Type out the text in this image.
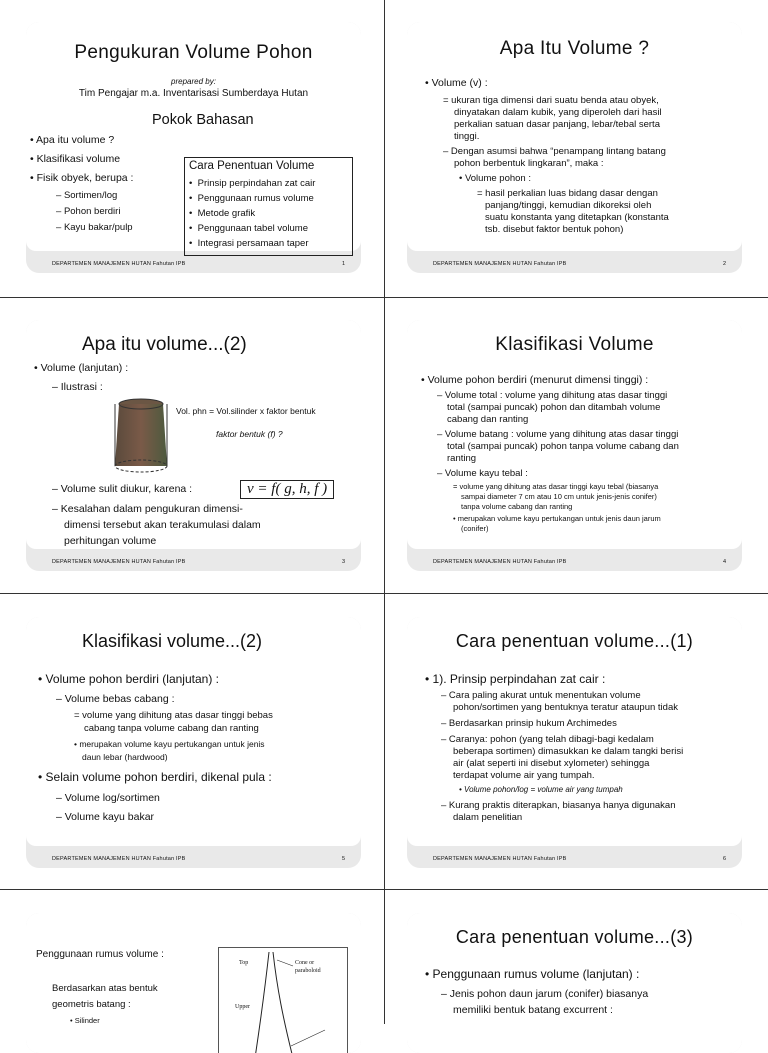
Pengukuran Volume Pohon
prepared by:
Tim Pengajar m.a. Inventarisasi Sumberdaya Hutan
Pokok Bahasan
• Apa itu volume ?
• Klasifikasi volume
• Fisik obyek, berupa :
– Sortimen/log
– Pohon berdiri
– Kayu bakar/pulp
Cara Penentuan Volume
•  Prinsip perpindahan zat cair
•  Penggunaan rumus volume
•  Metode grafik
•  Penggunaan tabel volume
•  Integrasi persamaan taper
DEPARTEMEN MANAJEMEN HUTAN Fahutan IPB	1
Apa Itu Volume ?
• Volume (v) :
= ukuran tiga dimensi dari suatu benda atau obyek,
dinyatakan dalam kubik, yang diperoleh dari hasil
perkalian satuan dasar panjang, lebar/tebal serta
tinggi.
– Dengan asumsi bahwa “penampang lintang batang
pohon berbentuk lingkaran”, maka :
• Volume pohon :
= hasil perkalian luas bidang dasar dengan
panjang/tinggi, kemudian dikoreksi oleh
suatu konstanta yang ditetapkan (konstanta
tsb. disebut faktor bentuk pohon)
DEPARTEMEN MANAJEMEN HUTAN Fahutan IPB	2
Apa itu volume...(2)
• Volume (lanjutan) :
– Ilustrasi :
Vol. phn = Vol.silinder x faktor bentuk
faktor bentuk (f) ?
– Volume sulit diukur, karena :	v = f( g, h, f )
– Kesalahan dalam pengukuran dimensi-
dimensi tersebut akan terakumulasi dalam
perhitungan volume
DEPARTEMEN MANAJEMEN HUTAN Fahutan IPB	3
Klasifikasi Volume
• Volume pohon berdiri (menurut dimensi tinggi) :
– Volume total : volume yang dihitung atas dasar tinggi
total (sampai puncak) pohon dan ditambah volume
cabang dan ranting
– Volume batang : volume yang dihitung atas dasar tinggi
total (sampai puncak) pohon tanpa volume cabang dan
ranting
– Volume kayu tebal :
= volume yang dihitung atas dasar tinggi kayu tebal (biasanya
sampai diameter 7 cm atau 10 cm untuk jenis-jenis conifer)
tanpa volume cabang dan ranting
• merupakan volume kayu pertukangan untuk jenis daun jarum
(conifer)
DEPARTEMEN MANAJEMEN HUTAN Fahutan IPB	4
Klasifikasi volume...(2)
• Volume pohon berdiri (lanjutan) :
– Volume bebas cabang :
= volume yang dihitung atas dasar tinggi bebas
cabang tanpa volume cabang dan ranting
• merupakan volume kayu pertukangan untuk jenis
daun lebar (hardwood)
• Selain volume pohon berdiri, dikenal pula :
– Volume log/sortimen
– Volume kayu bakar
DEPARTEMEN MANAJEMEN HUTAN Fahutan IPB	5
Cara penentuan volume...(1)
• 1). Prinsip perpindahan zat cair :
– Cara paling akurat untuk menentukan volume
pohon/sortimen yang bentuknya teratur ataupun tidak
– Berdasarkan prinsip hukum Archimedes
– Caranya: pohon (yang telah dibagi-bagi kedalam
beberapa sortimen) dimasukkan ke dalam tangki berisi
air (alat seperti ini disebut xylometer) sehingga
terdapat volume air yang tumpah.
• Volume pohon/log = volume air yang tumpah
– Kurang praktis diterapkan, biasanya hanya digunakan
dalam penelitian
DEPARTEMEN MANAJEMEN HUTAN Fahutan IPB	6
Penggunaan rumus volume :
Berdasarkan atas bentuk
geometris batang :
• Silinder
Top	Cone or
paraboloid
Upper
Cara penentuan volume...(3)
• Penggunaan rumus volume (lanjutan) :
– Jenis pohon daun jarum (conifer) biasanya
memiliki bentuk batang excurrent :
